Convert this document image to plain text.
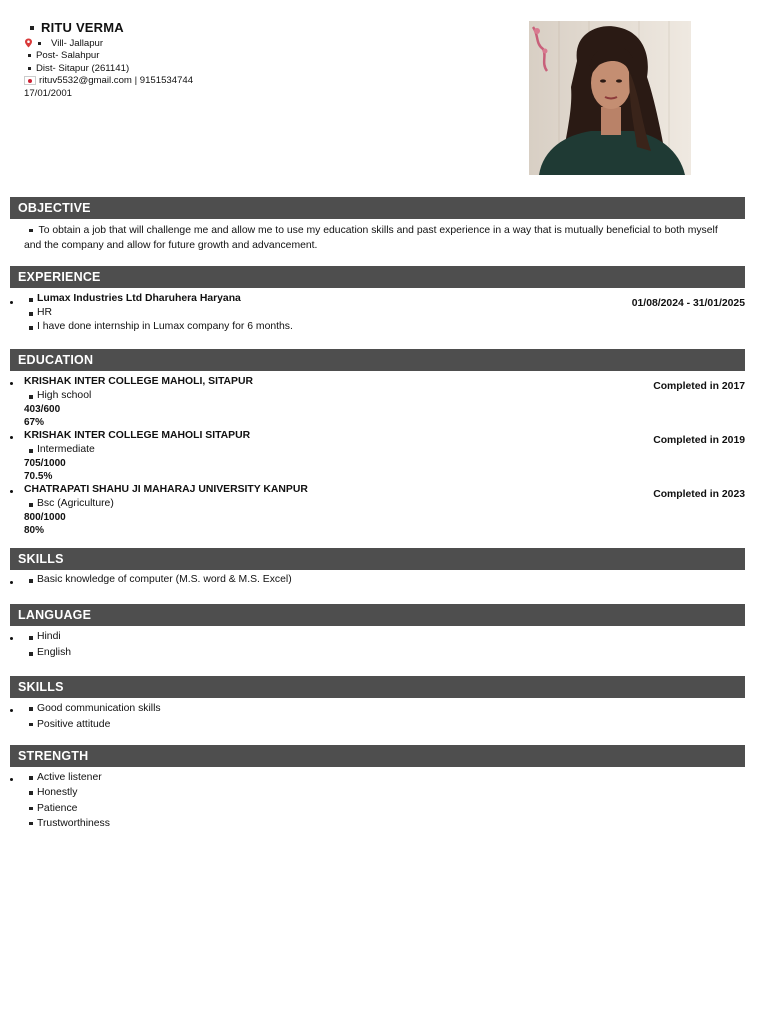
RITU VERMA
Vill- Jallapur
Post- Salahpur
Dist- Sitapur (261141)
rituv5532@gmail.com | 9151534744
17/01/2001
OBJECTIVE
To obtain a job that will challenge me and allow me to use my education skills and past experience in a way that is mutually beneficial to both myself and the company and allow for future growth and advancement.
EXPERIENCE
01/08/2024 - 31/01/2025
Lumax Industries Ltd Dharuhera Haryana
HR
I have done internship in Lumax company for 6 months.
EDUCATION
Completed in 2017
KRISHAK INTER COLLEGE MAHOLI, SITAPUR
High school
403/600
67%
Completed in 2019
KRISHAK INTER COLLEGE MAHOLI SITAPUR
Intermediate
705/1000
70.5%
Completed in 2023
CHATRAPATI SHAHU JI MAHARAJ UNIVERSITY KANPUR
Bsc (Agriculture)
800/1000
80%
SKILLS
Basic knowledge of computer (M.S. word & M.S. Excel)
LANGUAGE
Hindi
English
SKILLS
Good communication skills
Positive attitude
STRENGTH
Active listener
Honestly
Patience
Trustworthiness
